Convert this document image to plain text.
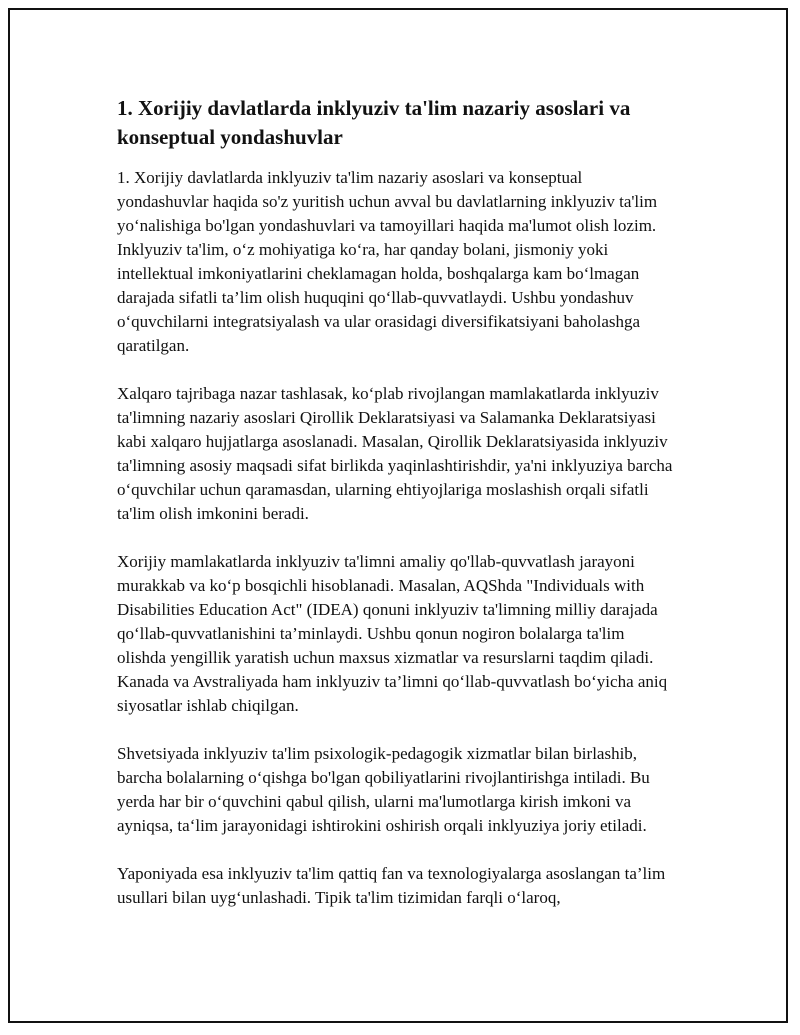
1. Xorijiy davlatlarda inklyuziv ta'lim nazariy asoslari va konseptual yondashuvlar

1. Xorijiy davlatlarda inklyuziv ta'lim nazariy asoslari va konseptual yondashuvlar haqida so'z yuritish uchun avval bu davlatlarning inklyuziv ta'lim yo‘nalishiga bo'lgan yondashuvlari va tamoyillari haqida ma'lumot olish lozim. Inklyuziv ta'lim, o‘z mohiyatiga ko‘ra, har qanday bolani, jismoniy yoki intellektual imkoniyatlarini cheklamagan holda, boshqalarga kam bo‘lmagan darajada sifatli ta’lim olish huquqini qo‘llab-quvvatlaydi. Ushbu yondashuv o‘quvchilarni integratsiyalash va ular orasidagi diversifikatsiyani baholashga qaratilgan.

Xalqaro tajribaga nazar tashlasak, ko‘plab rivojlangan mamlakatlarda inklyuziv ta'limning nazariy asoslari Qirollik Deklaratsiyasi va Salamanka Deklaratsiyasi kabi xalqaro hujjatlarga asoslanadi. Masalan, Qirollik Deklaratsiyasida inklyuziv ta'limning asosiy maqsadi sifat birlikda yaqinlashtirishdir, ya'ni inklyuziya barcha o‘quvchilar uchun qaramasdan, ularning ehtiyojlariga moslashish orqali sifatli ta'lim olish imkonini beradi.

Xorijiy mamlakatlarda inklyuziv ta'limni amaliy qo'llab-quvvatlash jarayoni murakkab va ko‘p bosqichli hisoblanadi. Masalan, AQShda "Individuals with Disabilities Education Act" (IDEA) qonuni inklyuziv ta'limning milliy darajada qo‘llab-quvvatlanishini ta’minlaydi. Ushbu qonun nogiron bolalarga ta'lim olishda yengillik yaratish uchun maxsus xizmatlar va resurslarni taqdim qiladi. Kanada va Avstraliyada ham inklyuziv ta’limni qo‘llab-quvvatlash bo‘yicha aniq siyosatlar ishlab chiqilgan.

Shvetsiyada inklyuziv ta'lim psixologik-pedagogik xizmatlar bilan birlashib, barcha bolalarning o‘qishga bo'lgan qobiliyatlarini rivojlantirishga intiladi. Bu yerda har bir o‘quvchini qabul qilish, ularni ma'lumotlarga kirish imkoni va ayniqsa, ta‘lim jarayonidagi ishtirokini oshirish orqali inklyuziya joriy etiladi.

Yaponiyada esa inklyuziv ta'lim qattiq fan va texnologiyalarga asoslangan ta’lim usullari bilan uyg‘unlashadi. Tipik ta'lim tizimidan farqli o‘laroq,
